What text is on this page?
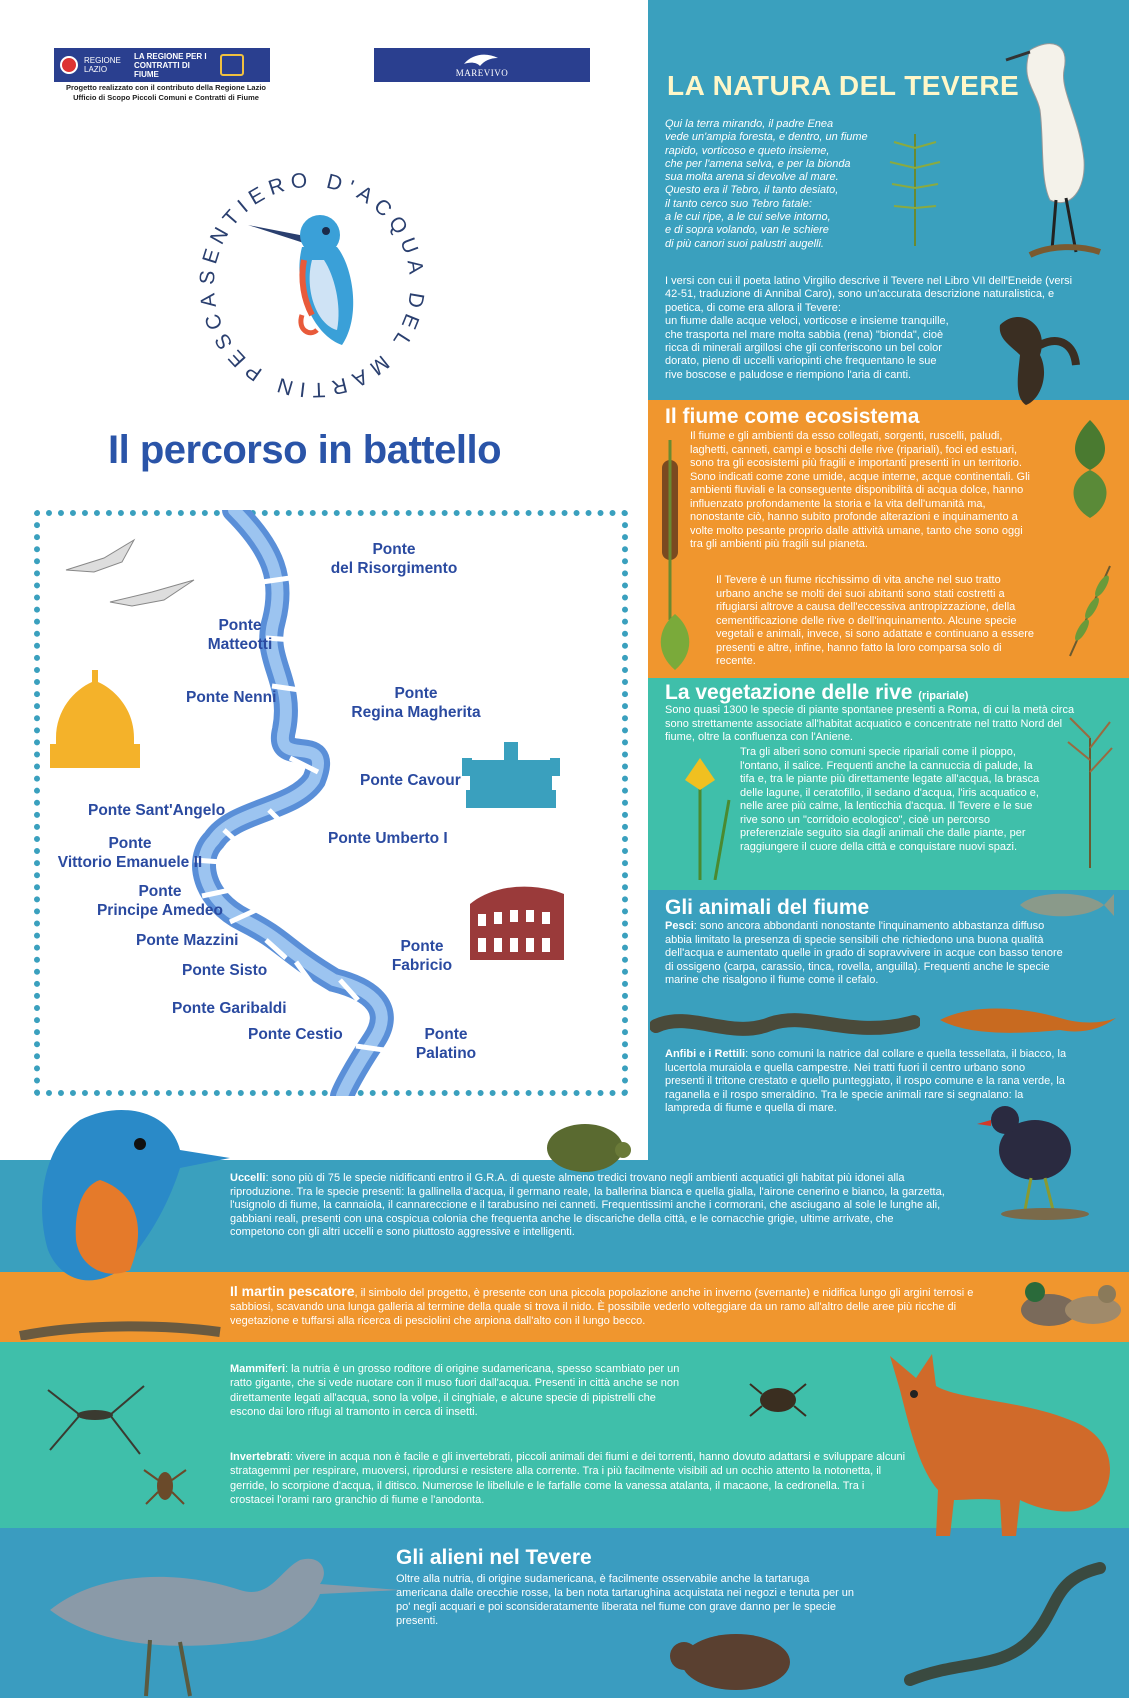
REGIONE LAZIO
LA REGIONE PER I CONTRATTI DI FIUME
Progetto realizzato con il contributo della Regione Lazio
Ufficio di Scopo Piccoli Comuni e Contratti di Fiume
MAREVIVO
SENTIERO D'ACQUA DEL MARTIN PESCA
Il percorso in battello
Ponte
del Risorgimento
Ponte
Matteotti
Ponte Nenni	Ponte
Regina Magherita
Ponte Cavour
Ponte Sant'Angelo
Ponte Umberto I
Ponte
Vittorio Emanuele II
Ponte
Principe Amedeo
Ponte Mazzini
Ponte Sisto
Ponte
Fabricio
Ponte Garibaldi
Ponte Cestio	Ponte
Palatino
LA NATURA DEL TEVERE
Qui la terra mirando, il padre Enea
vede un'ampia foresta, e dentro, un fiume
rapido, vorticoso e queto insieme,
che per l'amena selva, e per la bionda
sua molta arena si devolve al mare.
Questo era il Tebro, il tanto desiato,
il tanto cerco suo Tebro fatale:
a le cui ripe, a le cui selve intorno,
e di sopra volando, van le schiere
di più canori suoi palustri augelli.
I versi con cui il poeta latino Virgilio descrive il Tevere nel Libro VII dell'Eneide (versi 42-51, traduzione di Annibal Caro), sono un'accurata descrizione naturalistica, e poetica, di come era allora il Tevere:
un fiume dalle acque veloci, vorticose e insieme tranquille,
che trasporta nel mare molta sabbia (rena) "bionda", cioè
ricca di minerali argillosi che gli conferiscono un bel color
dorato, pieno di uccelli variopinti che frequentano le sue
rive boscose e paludose e riempiono l'aria di canti.
Il fiume come ecosistema
Il fiume e gli ambienti da esso collegati, sorgenti, ruscelli, paludi, laghetti, canneti, campi e boschi delle rive (ripariali), foci ed estuari, sono tra gli ecosistemi più fragili e importanti presenti in un territorio. Sono indicati come zone umide, acque interne, acque continentali. Gli ambienti fluviali e la conseguente disponibilità di acqua dolce, hanno influenzato profondamente la storia e la vita dell'umanità ma, nonostante ciò, hanno subito profonde alterazioni e inquinamento a volte molto pesante proprio dalle attività umane, tanto che sono oggi tra gli ambienti più fragili sul pianeta.
Il Tevere è un fiume ricchissimo di vita anche nel suo tratto urbano anche se molti dei suoi abitanti sono stati costretti a rifugiarsi altrove a causa dell'eccessiva antropizzazione, della cementificazione delle rive o dell'inquinamento. Alcune specie vegetali e animali, invece, si sono adattate e continuano a essere presenti e altre, infine, hanno fatto la loro comparsa solo di recente.
La vegetazione delle rive (ripariale)
Sono quasi 1300 le specie di piante spontanee presenti a Roma, di cui la metà circa sono strettamente associate all'habitat acquatico e concentrate nel tratto Nord del fiume, oltre la confluenza con l'Aniene.
Tra gli alberi sono comuni specie ripariali come il pioppo, l'ontano, il salice. Frequenti anche la cannuccia di palude, la tifa e, tra le piante più direttamente legate all'acqua, la brasca delle lagune, il ceratofillo, il sedano d'acqua, l'iris acquatico e, nelle aree più calme, la lenticchia d'acqua. Il Tevere e le sue rive sono un "corridoio ecologico", cioè un percorso preferenziale seguito sia dagli animali che dalle piante, per raggiungere il cuore della città e conquistare nuovi spazi.
Gli animali del fiume
Pesci: sono ancora abbondanti nonostante l'inquinamento abbastanza diffuso abbia limitato la presenza di specie sensibili che richiedono una buona qualità dell'acqua e aumentato quelle in grado di sopravvivere in acque con basso tenore di ossigeno (carpa, carassio, tinca, rovella, anguilla). Frequenti anche le specie marine che risalgono il fiume come il cefalo.
Anfibi e i Rettili: sono comuni la natrice dal collare e quella tessellata, il biacco, la lucertola muraiola e quella campestre. Nei tratti fuori il centro urbano sono presenti il tritone crestato e quello punteggiato, il rospo comune e la rana verde, la raganella e il rospo smeraldino. Tra le specie animali rare si segnalano: la lampreda di fiume e quella di mare.
Uccelli: sono più di 75 le specie nidificanti entro il G.R.A. di queste almeno tredici trovano negli ambienti acquatici gli habitat più idonei alla riproduzione. Tra le specie presenti: la gallinella d'acqua, il germano reale, la ballerina bianca e quella gialla, l'airone cenerino e bianco, la garzetta, l'usignolo di fiume, la cannaiola, il cannareccione e il tarabusino nei canneti. Frequentissimi anche i cormorani, che asciugano al sole le lunghe ali, gabbiani reali, presenti con una cospicua colonia che frequenta anche le discariche della città, e le cornacchie grigie, ultime arrivate, che competono con gli altri uccelli e sono piuttosto aggressive e intelligenti.
Il martin pescatore, il simbolo del progetto, è presente con una piccola popolazione anche in inverno (svernante) e nidifica lungo gli argini terrosi e sabbiosi, scavando una lunga galleria al termine della quale si trova il nido. È possibile vederlo volteggiare da un ramo all'altro delle aree più ricche di vegetazione e tuffarsi alla ricerca di pesciolini che arpiona dall'alto con il lungo becco.
Mammiferi: la nutria è un grosso roditore di origine sudamericana, spesso scambiato per un ratto gigante, che si vede nuotare con il muso fuori dall'acqua. Presenti in città anche se non direttamente legati all'acqua, sono la volpe, il cinghiale, e alcune specie di pipistrelli che escono dai loro rifugi al tramonto in cerca di insetti.
Invertebrati: vivere in acqua non è facile e gli invertebrati, piccoli animali dei fiumi e dei torrenti, hanno dovuto adattarsi e sviluppare alcuni stratagemmi per respirare, muoversi, riprodursi e resistere alla corrente. Tra i più facilmente visibili ad un occhio attento la notonetta, il gerride, lo scorpione d'acqua, il ditisco. Numerose le libellule e le farfalle come la vanessa atalanta, il macaone, la cedronella. Tra i crostacei l'orami raro granchio di fiume e l'anodonta.
Gli alieni nel Tevere
Oltre alla nutria, di origine sudamericana, è facilmente osservabile anche la tartaruga americana dalle orecchie rosse, la ben nota tartarughina acquistata nei negozi e tenuta per un po' negli acquari e poi sconsideratamente liberata nel fiume con grave danno per le specie presenti.
